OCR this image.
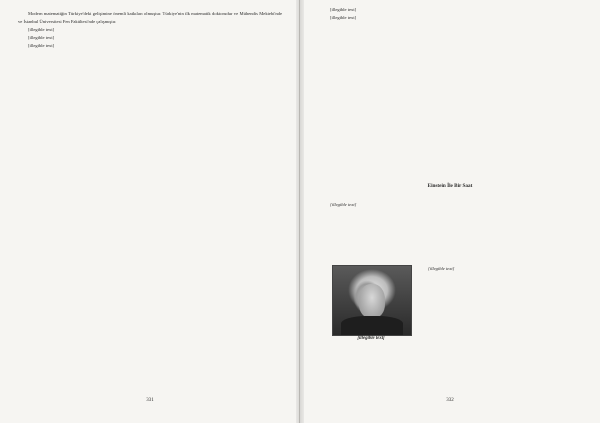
Modern matematiğin Türkiye'deki gelişimine önemli katkıları olmuştur. Türkiye'nin ilk matematik doktorudur ve Mühendis Mektebi'nde ve İstanbul Üniversitesi Fen Fakültesi'nde çalışmıştır.

[illegible text]

[illegible text]

[illegible text]

331

[illegible text]

[illegible text]

Einstein İle Bir Saat

[illegible text]

[illegible text]

[illegible text]

332
